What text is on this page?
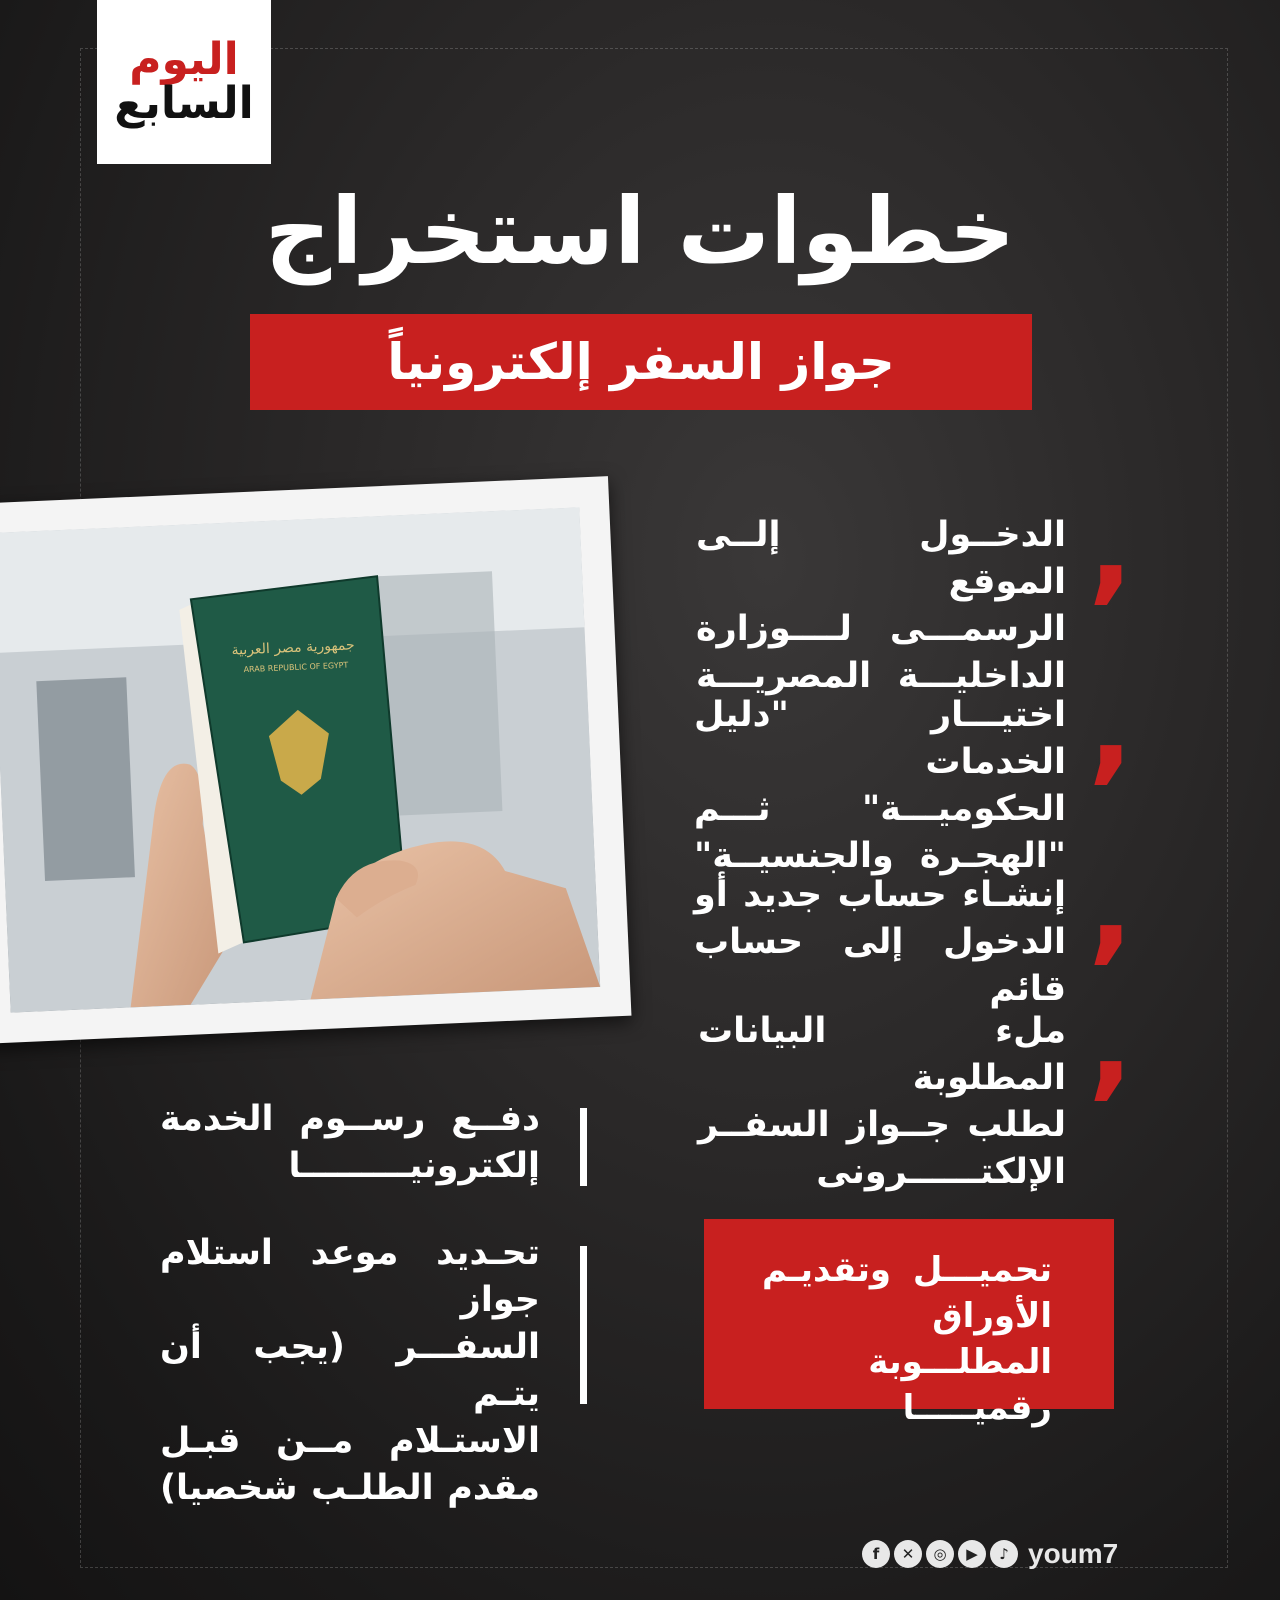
اليوم
السابع
خطوات استخراج
جواز السفر إلكترونياً
جمهورية مصر العربية
ARAB REPUBLIC OF EGYPT
,
الدخــول إلــى الموقع
الرسمـــى لــــوزارة
الداخليـــة المصريـــة ,
اختيـــار "دليل الخدمات
الحكوميـــة" ثـــم
"الهجـرة والجنسيــة" ,
إنشـاء حساب جديد أو
الدخول إلى حساب قائم ,
ملء البيانات المطلوبة
لطلب جــواز السفــر
الإلكتــــــرونى
تحميـــل وتقديـم
الأوراق المطلـــوبة
رقميـــــا
دفــع رســوم الخدمة
إلكترونيـــــــــا
تحـديد موعد استلام جواز
السفـــر (يجب أن يتـم
الاستـلام مــن قبـل
مقدم الطلـب شخصيا)
f	✕	◎	▶	♪ youm7
